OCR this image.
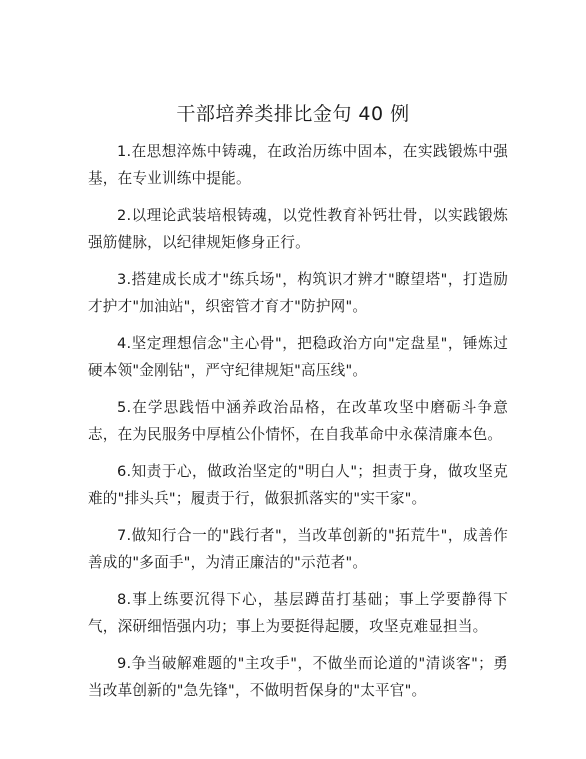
干部培养类排比金句 40 例

1.在思想淬炼中铸魂，在政治历练中固本，在实践锻炼中强基，在专业训练中提能。

2.以理论武装培根铸魂，以党性教育补钙壮骨，以实践锻炼强筋健脉，以纪律规矩修身正行。

3.搭建成长成才"练兵场"，构筑识才辨才"瞭望塔"，打造励才护才"加油站"，织密管才育才"防护网"。

4.坚定理想信念"主心骨"，把稳政治方向"定盘星"，锤炼过硬本领"金刚钻"，严守纪律规矩"高压线"。

5.在学思践悟中涵养政治品格，在改革攻坚中磨砺斗争意志，在为民服务中厚植公仆情怀，在自我革命中永葆清廉本色。

6.知责于心，做政治坚定的"明白人"；担责于身，做攻坚克难的"排头兵"；履责于行，做狠抓落实的"实干家"。

7.做知行合一的"践行者"，当改革创新的"拓荒牛"，成善作善成的"多面手"，为清正廉洁的"示范者"。

8.事上练要沉得下心，基层蹲苗打基础；事上学要静得下气，深研细悟强内功；事上为要挺得起腰，攻坚克难显担当。

9.争当破解难题的"主攻手"，不做坐而论道的"清谈客"；勇当改革创新的"急先锋"，不做明哲保身的"太平官"。
